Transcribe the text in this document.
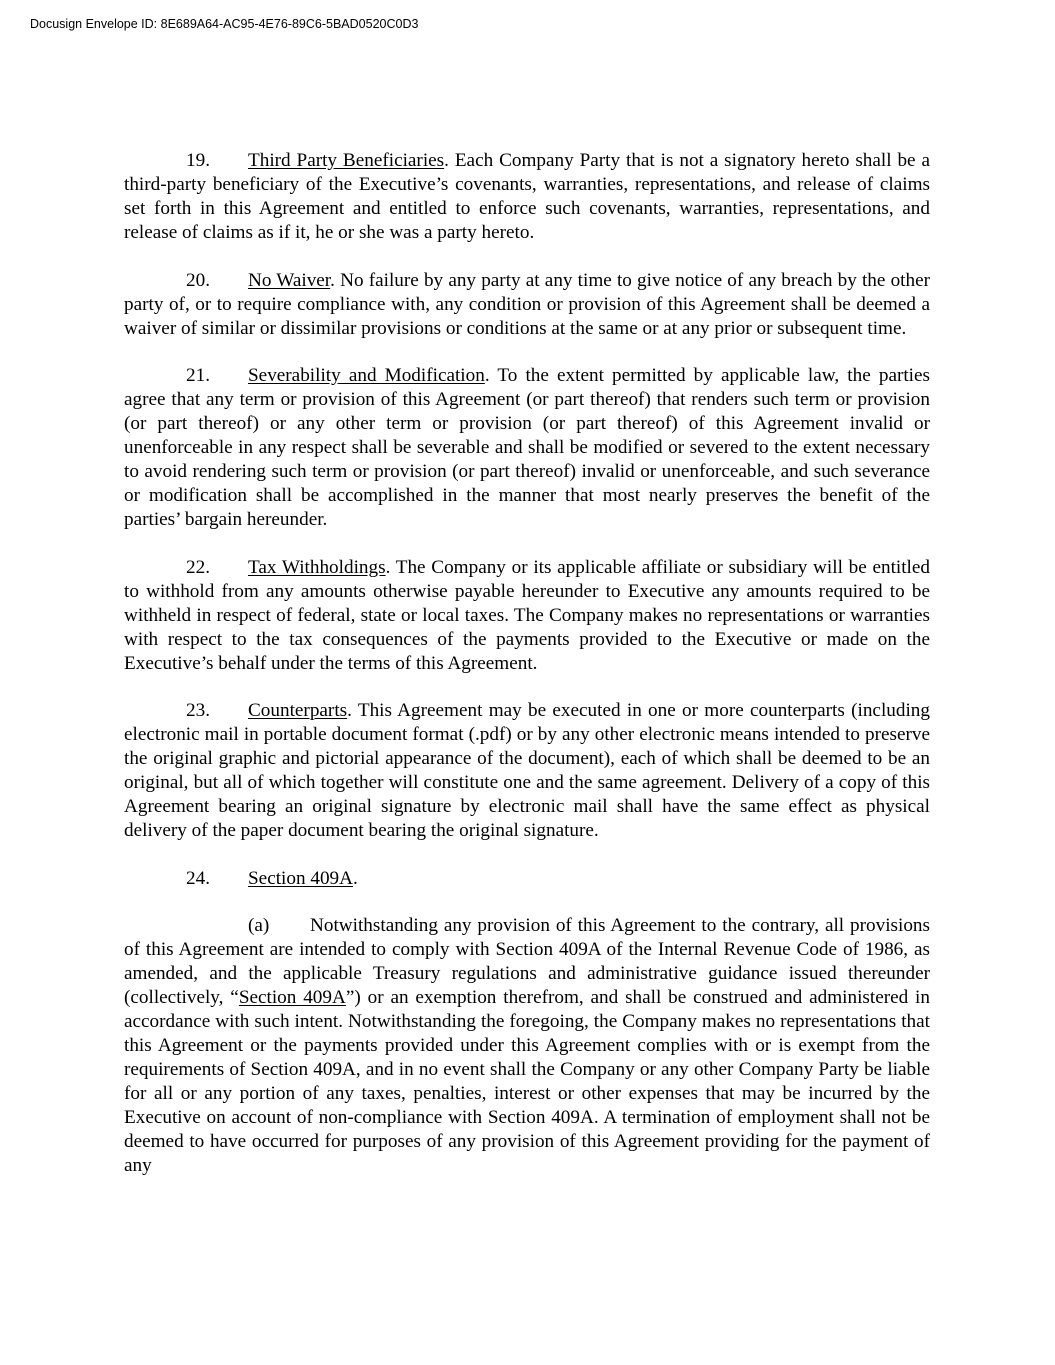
Docusign Envelope ID: 8E689A64-AC95-4E76-89C6-5BAD0520C0D3

19. Third Party Beneficiaries. Each Company Party that is not a signatory hereto shall be a third-party beneficiary of the Executive’s covenants, warranties, representations, and release of claims set forth in this Agreement and entitled to enforce such covenants, warranties, representations, and release of claims as if it, he or she was a party hereto.

20. No Waiver. No failure by any party at any time to give notice of any breach by the other party of, or to require compliance with, any condition or provision of this Agreement shall be deemed a waiver of similar or dissimilar provisions or conditions at the same or at any prior or subsequent time.

21. Severability and Modification. To the extent permitted by applicable law, the parties agree that any term or provision of this Agreement (or part thereof) that renders such term or provision (or part thereof) or any other term or provision (or part thereof) of this Agreement invalid or unenforceable in any respect shall be severable and shall be modified or severed to the extent necessary to avoid rendering such term or provision (or part thereof) invalid or unenforceable, and such severance or modification shall be accomplished in the manner that most nearly preserves the benefit of the parties’ bargain hereunder.

22. Tax Withholdings. The Company or its applicable affiliate or subsidiary will be entitled to withhold from any amounts otherwise payable hereunder to Executive any amounts required to be withheld in respect of federal, state or local taxes. The Company makes no representations or warranties with respect to the tax consequences of the payments provided to the Executive or made on the Executive’s behalf under the terms of this Agreement.

23. Counterparts. This Agreement may be executed in one or more counterparts (including electronic mail in portable document format (.pdf) or by any other electronic means intended to preserve the original graphic and pictorial appearance of the document), each of which shall be deemed to be an original, but all of which together will constitute one and the same agreement. Delivery of a copy of this Agreement bearing an original signature by electronic mail shall have the same effect as physical delivery of the paper document bearing the original signature.

24. Section 409A.

(a) Notwithstanding any provision of this Agreement to the contrary, all provisions of this Agreement are intended to comply with Section 409A of the Internal Revenue Code of 1986, as amended, and the applicable Treasury regulations and administrative guidance issued thereunder (collectively, “Section 409A”) or an exemption therefrom, and shall be construed and administered in accordance with such intent. Notwithstanding the foregoing, the Company makes no representations that this Agreement or the payments provided under this Agreement complies with or is exempt from the requirements of Section 409A, and in no event shall the Company or any other Company Party be liable for all or any portion of any taxes, penalties, interest or other expenses that may be incurred by the Executive on account of non-compliance with Section 409A. A termination of employment shall not be deemed to have occurred for purposes of any provision of this Agreement providing for the payment of any
